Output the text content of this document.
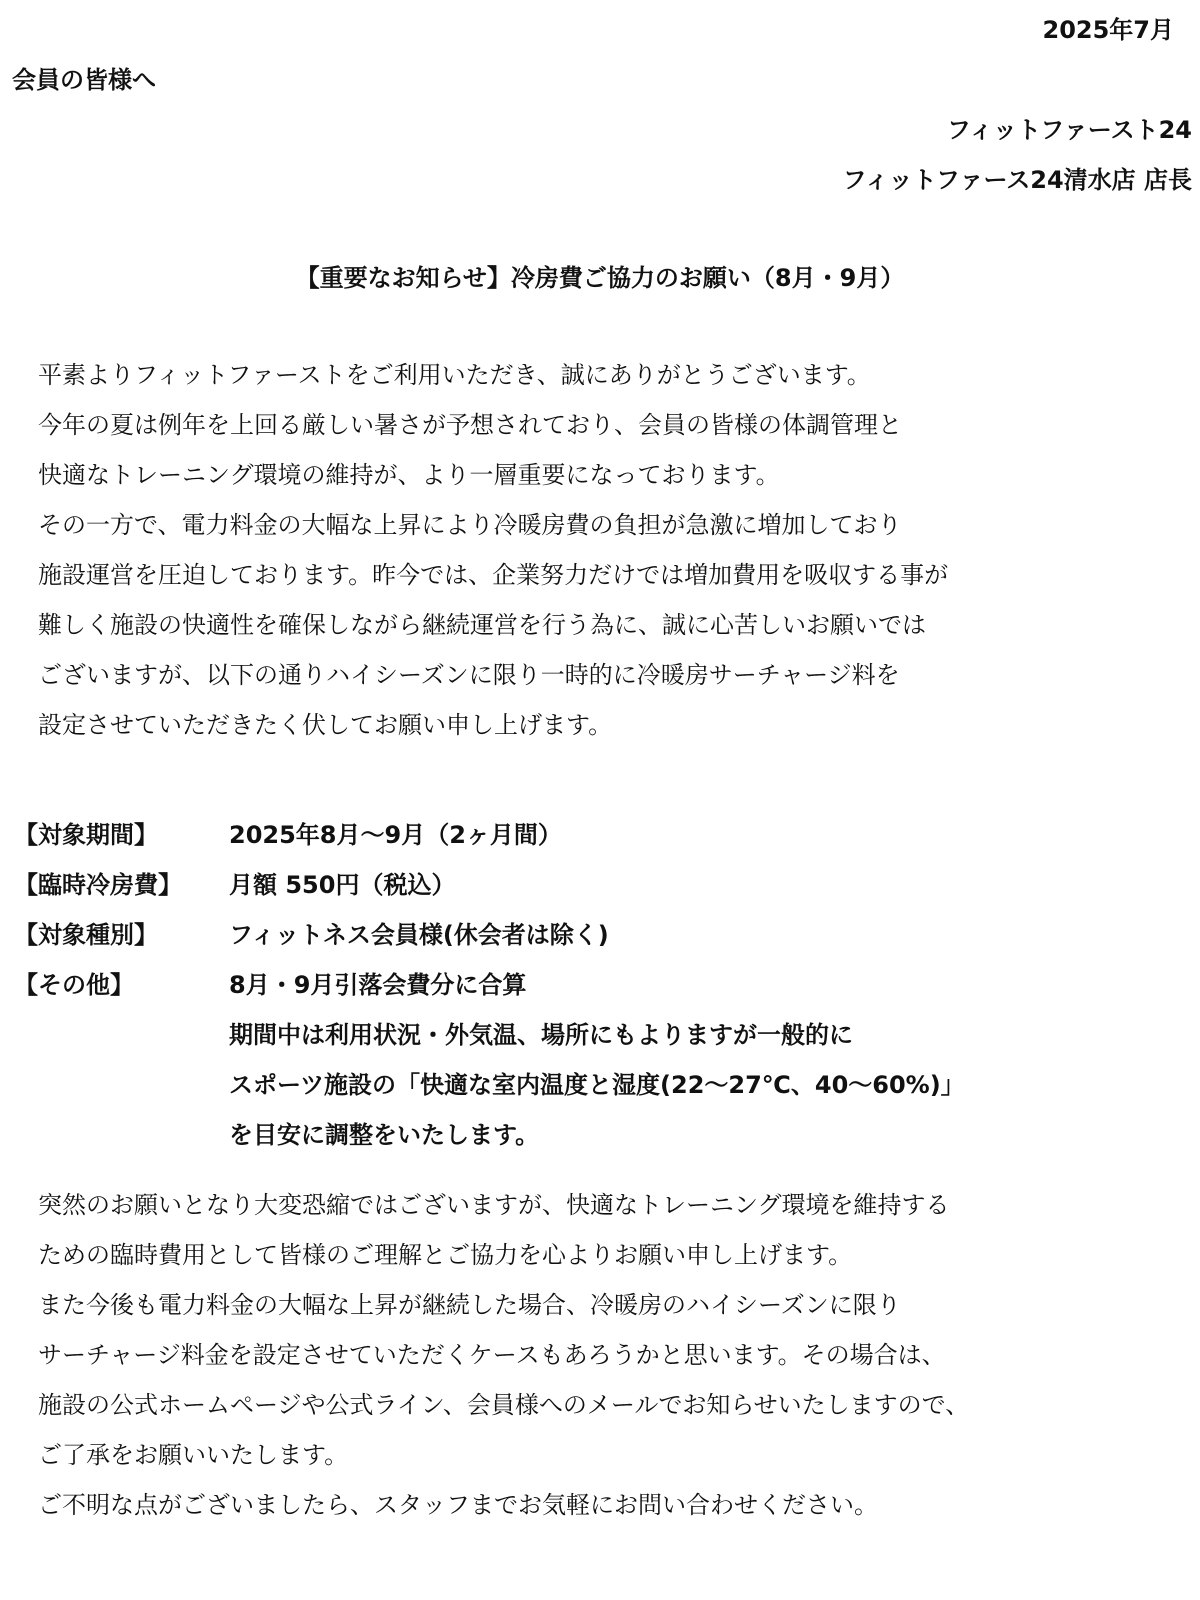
2025年7月
会員の皆様へ
フィットファースト24
フィットファース24清水店 店長
【重要なお知らせ】冷房費ご協力のお願い（8月・9月）
平素よりフィットファーストをご利用いただき、誠にありがとうございます。
今年の夏は例年を上回る厳しい暑さが予想されており、会員の皆様の体調管理と
快適なトレーニング環境の維持が、より一層重要になっております。
その一方で、電力料金の大幅な上昇により冷暖房費の負担が急激に増加しており
施設運営を圧迫しております。昨今では、企業努力だけでは増加費用を吸収する事が
難しく施設の快適性を確保しながら継続運営を行う為に、誠に心苦しいお願いでは
ございますが、以下の通りハイシーズンに限り一時的に冷暖房サーチャージ料を
設定させていただきたく伏してお願い申し上げます。
【対象期間】	2025年8月～9月（2ヶ月間）
【臨時冷房費】 月額 550円（税込）
【対象種別】	フィットネス会員様(休会者は除く)
【その他】	8月・9月引落会費分に合算
期間中は利用状況・外気温、場所にもよりますが一般的に
スポーツ施設の「快適な室内温度と湿度(22～27℃、40～60%)」
を目安に調整をいたします。
突然のお願いとなり大変恐縮ではございますが、快適なトレーニング環境を維持する
ための臨時費用として皆様のご理解とご協力を心よりお願い申し上げます。
また今後も電力料金の大幅な上昇が継続した場合、冷暖房のハイシーズンに限り
サーチャージ料金を設定させていただくケースもあろうかと思います。その場合は、
施設の公式ホームページや公式ライン、会員様へのメールでお知らせいたしますので、
ご了承をお願いいたします。
ご不明な点がございましたら、スタッフまでお気軽にお問い合わせください。
